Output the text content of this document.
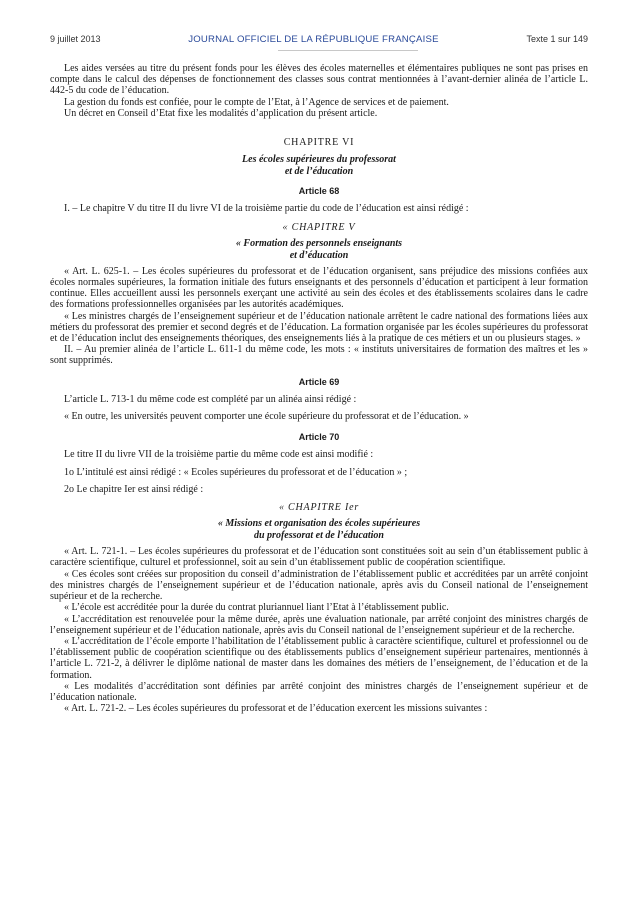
9 juillet 2013	JOURNAL OFFICIEL DE LA RÉPUBLIQUE FRANÇAISE	Texte 1 sur 149

Les aides versées au titre du présent fonds pour les élèves des écoles maternelles et élémentaires publiques ne sont pas prises en compte dans le calcul des dépenses de fonctionnement des classes sous contrat mentionnées à l’avant-dernier alinéa de l’article L. 442-5 du code de l’éducation.

La gestion du fonds est confiée, pour le compte de l’Etat, à l’Agence de services et de paiement.

Un décret en Conseil d’Etat fixe les modalités d’application du présent article.

CHAPITRE VI
Les écoles supérieures du professorat
et de l’éducation
Article 68

I. – Le chapitre V du titre II du livre VI de la troisième partie du code de l’éducation est ainsi rédigé :

« CHAPITRE V
« Formation des personnels enseignants
et d’éducation

« Art. L. 625-1. – Les écoles supérieures du professorat et de l’éducation organisent, sans préjudice des missions confiées aux écoles normales supérieures, la formation initiale des futurs enseignants et des personnels d’éducation et participent à leur formation continue. Elles accueillent aussi les personnels exerçant une activité au sein des écoles et des établissements scolaires dans le cadre des formations professionnelles organisées par les autorités académiques.

« Les ministres chargés de l’enseignement supérieur et de l’éducation nationale arrêtent le cadre national des formations liées aux métiers du professorat des premier et second degrés et de l’éducation. La formation organisée par les écoles supérieures du professorat et de l’éducation inclut des enseignements théoriques, des enseignements liés à la pratique de ces métiers et un ou plusieurs stages. »

II. – Au premier alinéa de l’article L. 611-1 du même code, les mots : « instituts universitaires de formation des maîtres et les » sont supprimés.

Article 69

L’article L. 713-1 du même code est complété par un alinéa ainsi rédigé :

« En outre, les universités peuvent comporter une école supérieure du professorat et de l’éducation. »

Article 70

Le titre II du livre VII de la troisième partie du même code est ainsi modifié :

1o L’intitulé est ainsi rédigé : « Ecoles supérieures du professorat et de l’éducation » ;

2o Le chapitre Ier est ainsi rédigé :

« CHAPITRE Ier
« Missions et organisation des écoles supérieures
du professorat et de l’éducation

« Art. L. 721-1. – Les écoles supérieures du professorat et de l’éducation sont constituées soit au sein d’un établissement public à caractère scientifique, culturel et professionnel, soit au sein d’un établissement public de coopération scientifique.

« Ces écoles sont créées sur proposition du conseil d’administration de l’établissement public et accréditées par un arrêté conjoint des ministres chargés de l’enseignement supérieur et de l’éducation nationale, après avis du Conseil national de l’enseignement supérieur et de la recherche.

« L’école est accréditée pour la durée du contrat pluriannuel liant l’Etat à l’établissement public.

« L’accréditation est renouvelée pour la même durée, après une évaluation nationale, par arrêté conjoint des ministres chargés de l’enseignement supérieur et de l’éducation nationale, après avis du Conseil national de l’enseignement supérieur et de la recherche.

« L’accréditation de l’école emporte l’habilitation de l’établissement public à caractère scientifique, culturel et professionnel ou de l’établissement public de coopération scientifique ou des établissements publics d’enseignement supérieur partenaires, mentionnés à l’article L. 721-2, à délivrer le diplôme national de master dans les domaines des métiers de l’enseignement, de l’éducation et de la formation.

« Les modalités d’accréditation sont définies par arrêté conjoint des ministres chargés de l’enseignement supérieur et de l’éducation nationale.

« Art. L. 721-2. – Les écoles supérieures du professorat et de l’éducation exercent les missions suivantes :
